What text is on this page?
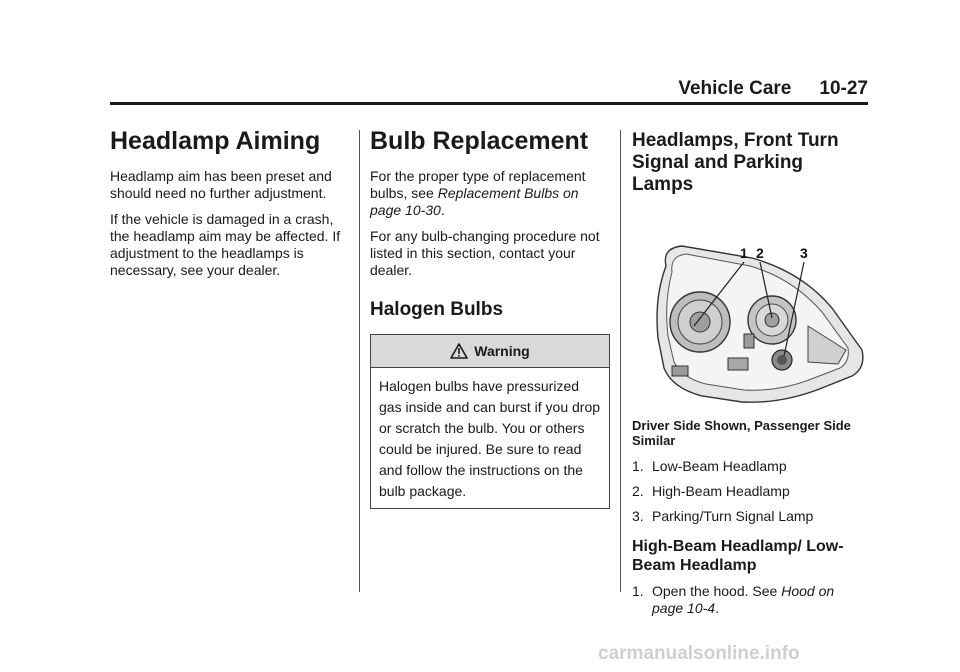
Vehicle Care 10-27
Headlamp Aiming

Headlamp aim has been preset and should need no further adjustment.

If the vehicle is damaged in a crash, the headlamp aim may be affected. If adjustment to the headlamps is necessary, see your dealer.

Bulb Replacement

For the proper type of replacement bulbs, see Replacement Bulbs on page 10-30.

For any bulb-changing procedure not listed in this section, contact your dealer.

Halogen Bulbs
Warning
Halogen bulbs have pressurized gas inside and can burst if you drop or scratch the bulb. You or others could be injured. Be sure to read and follow the instructions on the bulb package.
Headlamps, Front Turn Signal and Parking Lamps
1 2	3
Driver Side Shown, Passenger Side Similar
1. Low-Beam Headlamp
2. High-Beam Headlamp
3. Parking/Turn Signal Lamp
High-Beam Headlamp/ Low-Beam Headlamp
1. Open the hood. See Hood on page 10-4.
carmanualsonline.info
